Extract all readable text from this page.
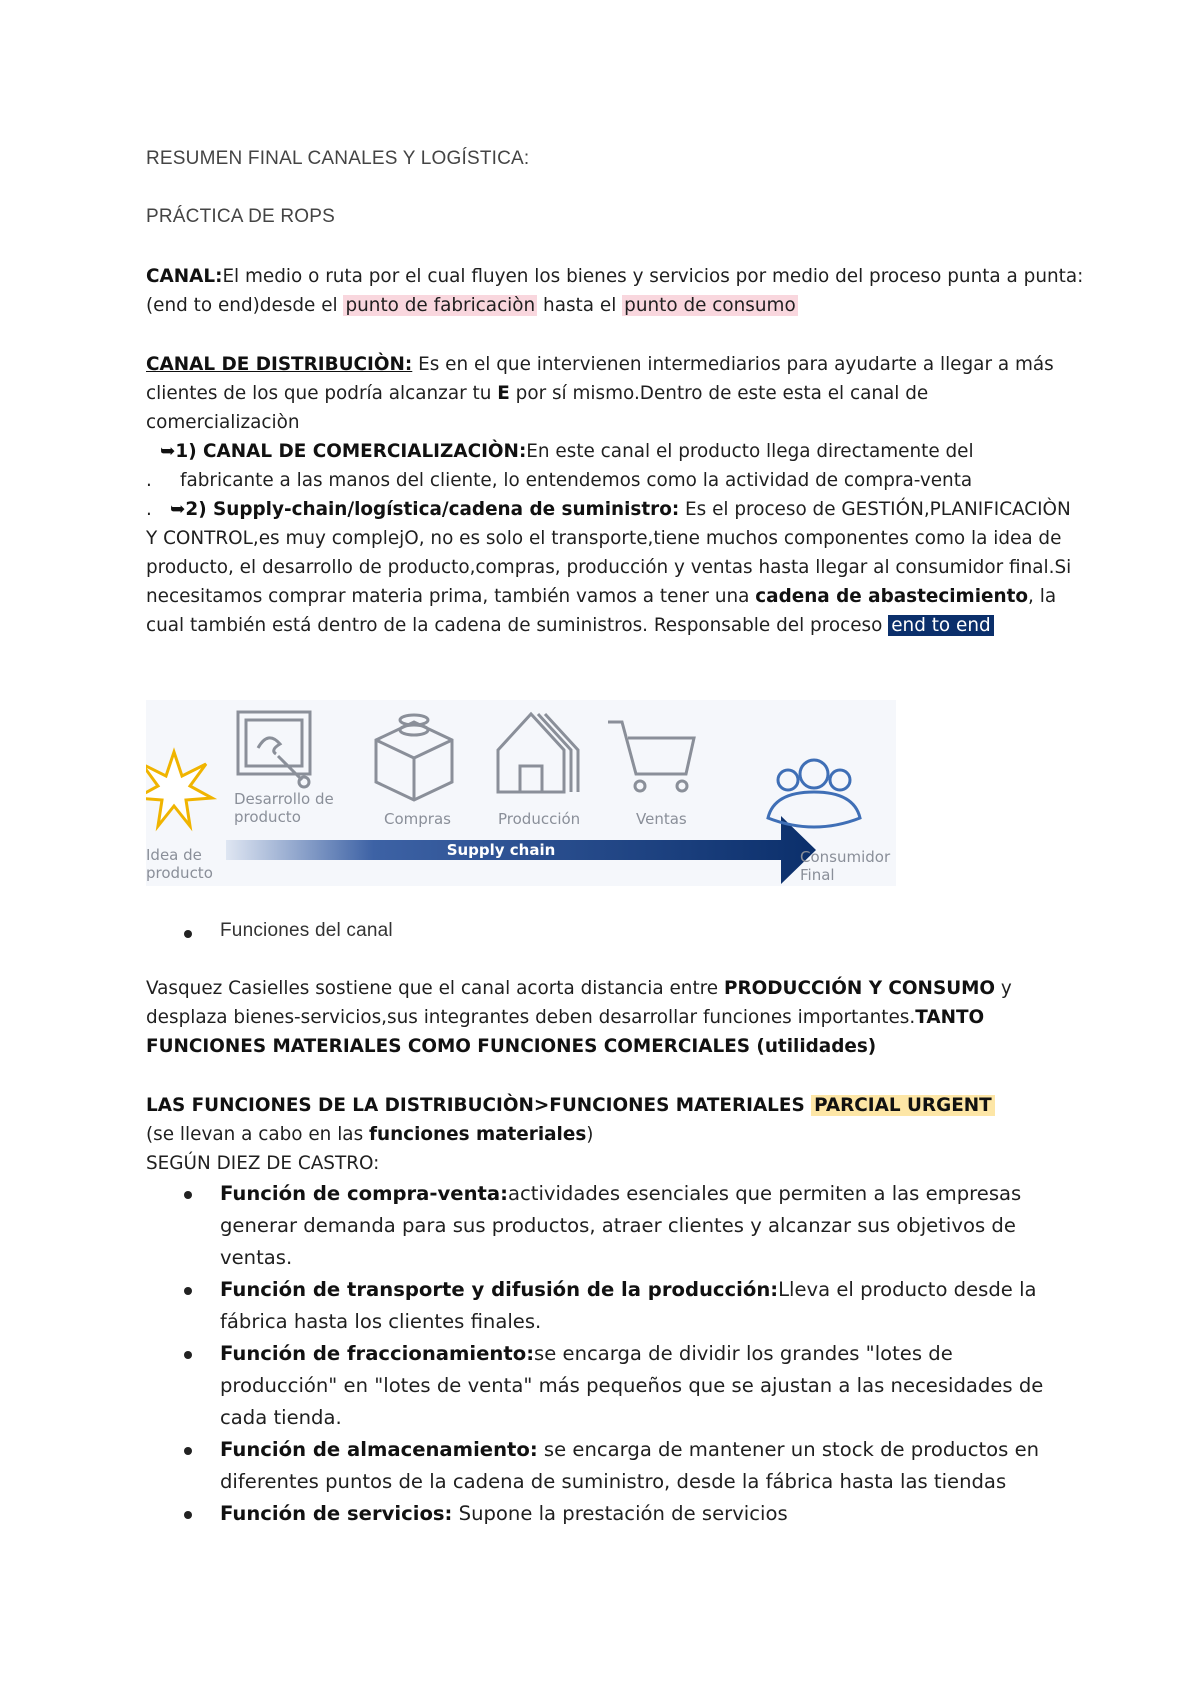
RESUMEN FINAL CANALES Y LOGÍSTICA:
PRÁCTICA DE ROPS
CANAL:El medio o ruta por el cual fluyen los bienes y servicios por medio del proceso punta a punta: (end to end)desde el punto de fabricaciòn hasta el punto de consumo
CANAL DE DISTRIBUCIÒN: Es en el que intervienen intermediarios para ayudarte a llegar a más clientes de los que podría alcanzar tu E por sí mismo.Dentro de este esta el canal de comercializaciòn
➥1) CANAL DE COMERCIALIZACIÒN:En este canal el producto llega directamente del
. fabricante a las manos del cliente, lo entendemos como la actividad de compra-venta
. ➥2) Supply-chain/logística/cadena de suministro: Es el proceso de GESTIÓN,PLANIFICACIÒN Y CONTROL,es muy complejO, no es solo el transporte,tiene muchos componentes como la idea de producto, el desarrollo de producto,compras, producción y ventas hasta llegar al consumidor final.Si necesitamos comprar materia prima, también vamos a tener una cadena de abastecimiento, la cual también está dentro de la cadena de suministros. Responsable del proceso end to end
Supply chain
Idea de
producto
Desarrollo de
producto	Compras	Producción	Ventas
Consumidor
Final
Funciones del canal
Vasquez Casielles sostiene que el canal acorta distancia entre PRODUCCIÓN Y CONSUMO y desplaza bienes-servicios,sus integrantes deben desarrollar funciones importantes.TANTO FUNCIONES MATERIALES COMO FUNCIONES COMERCIALES (utilidades)
LAS FUNCIONES DE LA DISTRIBUCIÒN>FUNCIONES MATERIALES PARCIAL URGENT
(se llevan a cabo en las funciones materiales)
SEGÚN DIEZ DE CASTRO:
Función de compra-venta:actividades esenciales que permiten a las empresas generar demanda para sus productos, atraer clientes y alcanzar sus objetivos de ventas.
Función de transporte y difusión de la producción:Lleva el producto desde la fábrica hasta los clientes finales.
Función de fraccionamiento:se encarga de dividir los grandes "lotes de producción" en "lotes de venta" más pequeños que se ajustan a las necesidades de cada tienda.
Función de almacenamiento: se encarga de mantener un stock de productos en diferentes puntos de la cadena de suministro, desde la fábrica hasta las tiendas
Función de servicios: Supone la prestación de servicios
